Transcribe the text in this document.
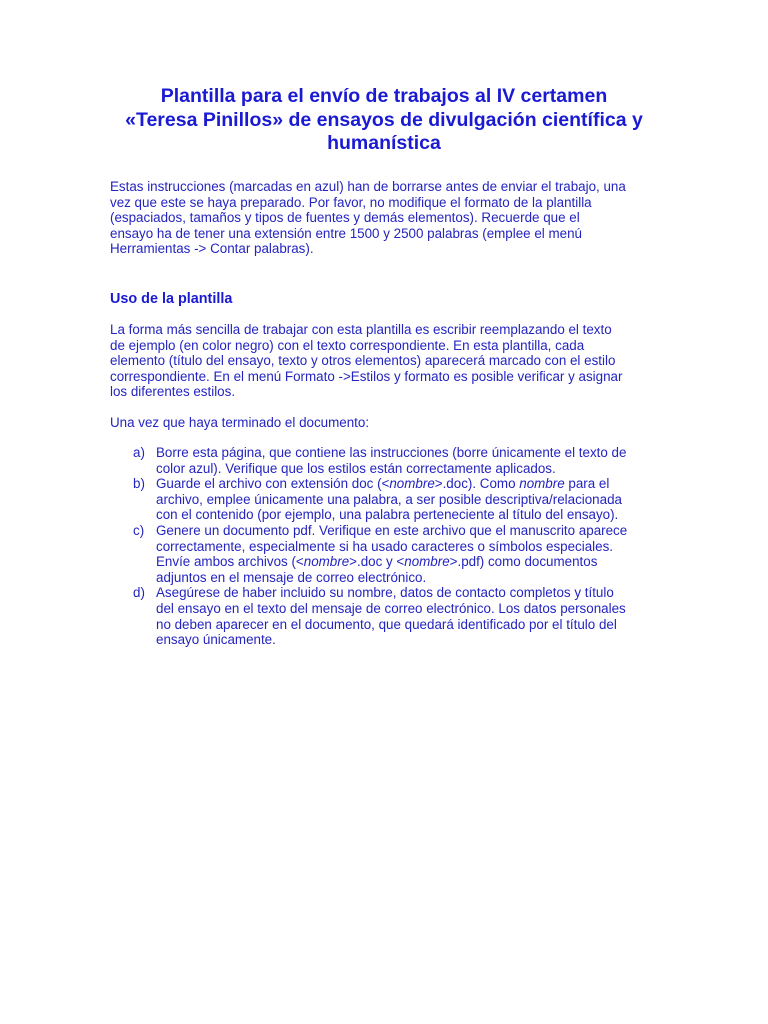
Plantilla para el envío de trabajos al IV certamen
«Teresa Pinillos» de ensayos de divulgación científica y
humanística
Estas instrucciones (marcadas en azul) han de borrarse antes de enviar el trabajo, una
vez que este se haya preparado. Por favor, no modifique el formato de la plantilla
(espaciados, tamaños y tipos de fuentes y demás elementos). Recuerde que el
ensayo ha de tener una extensión entre 1500 y 2500 palabras (emplee el menú
Herramientas -> Contar palabras).
Uso de la plantilla
La forma más sencilla de trabajar con esta plantilla es escribir reemplazando el texto
de ejemplo (en color negro) con el texto correspondiente. En esta plantilla, cada
elemento (título del ensayo, texto y otros elementos) aparecerá marcado con el estilo
correspondiente. En el menú Formato ->Estilos y formato es posible verificar y asignar
los diferentes estilos.
Una vez que haya terminado el documento:
a) Borre esta página, que contiene las instrucciones (borre únicamente el texto de
color azul). Verifique que los estilos están correctamente aplicados.
b) Guarde el archivo con extensión doc (<nombre>.doc). Como nombre para el
archivo, emplee únicamente una palabra, a ser posible descriptiva/relacionada
con el contenido (por ejemplo, una palabra perteneciente al título del ensayo).
c) Genere un documento pdf. Verifique en este archivo que el manuscrito aparece
correctamente, especialmente si ha usado caracteres o símbolos especiales.
Envíe ambos archivos (<nombre>.doc y <nombre>.pdf) como documentos
adjuntos en el mensaje de correo electrónico.
d) Asegúrese de haber incluido su nombre, datos de contacto completos y título
del ensayo en el texto del mensaje de correo electrónico. Los datos personales
no deben aparecer en el documento, que quedará identificado por el título del
ensayo únicamente.
